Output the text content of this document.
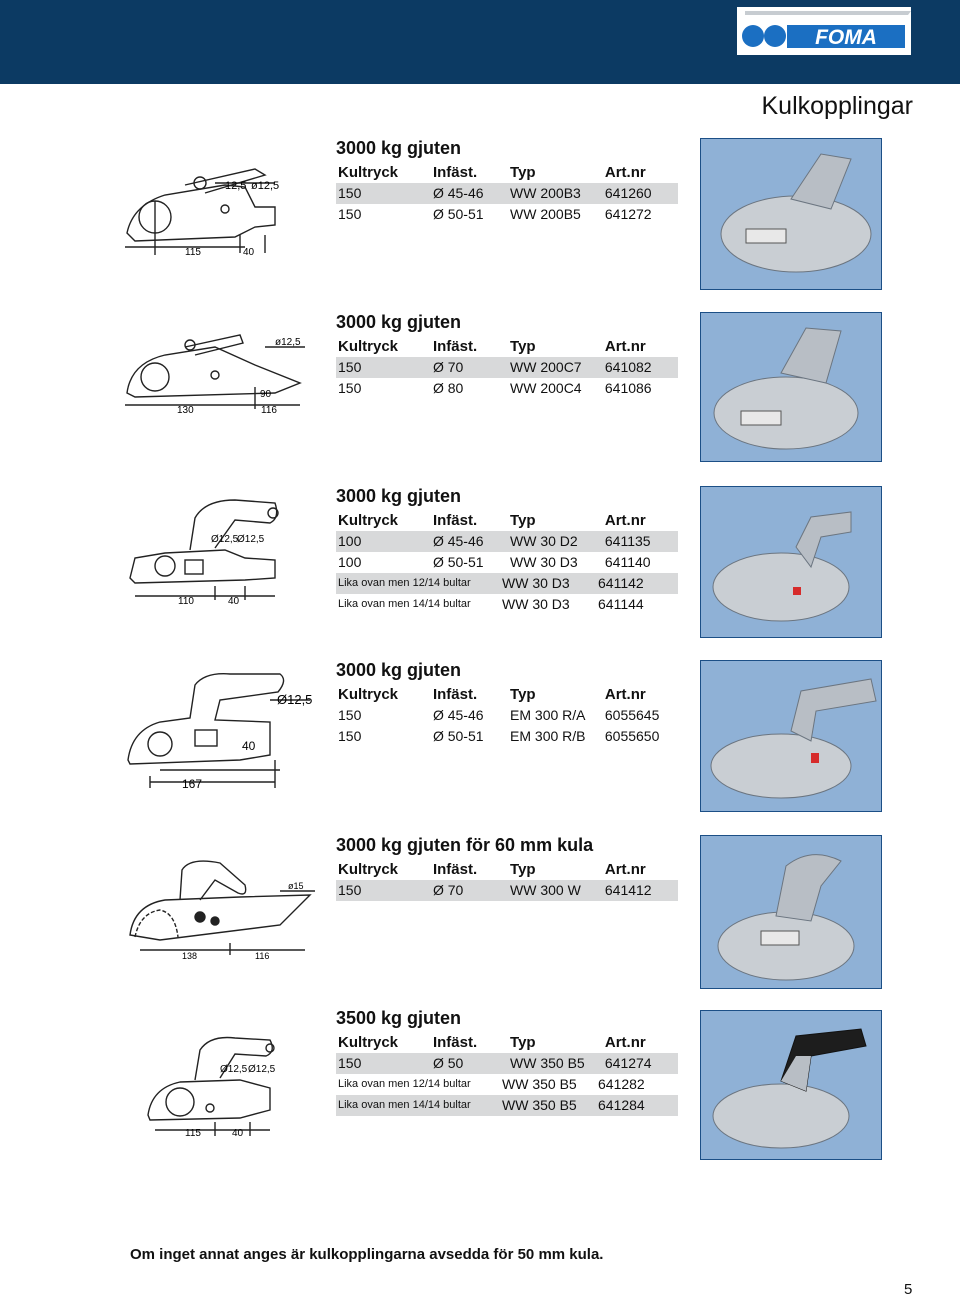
FOMA
Kulkopplingar
12,5 ø12,5
115	40
3000 kg gjuten
Kultryck	Infäst.	Typ	Art.nr
150	Ø 45-46	WW 200B3	641260
150	Ø 50-51	WW 200B5	641272
ø12,5
90
130	116
3000 kg gjuten
Kultryck	Infäst.	Typ	Art.nr
150	Ø 70	WW 200C7	641082
150	Ø 80	WW 200C4	641086
Ø12,5
Ø12,5
110	40
3000 kg gjuten
Kultryck	Infäst.	Typ	Art.nr
100	Ø 45-46	WW 30 D2	641135
100	Ø 50-51	WW 30 D3	641140
Lika ovan men 12/14 bultar	WW 30 D3	641142
Lika ovan men 14/14 bultar	WW 30 D3	641144
Ø12,5
40
167
3000 kg gjuten
Kultryck	Infäst.	Typ	Art.nr
150	Ø 45-46	EM 300 R/A	6055645
150	Ø 50-51	EM 300 R/B	6055650
ø15
138	116
3000 kg gjuten för 60 mm kula
Kultryck	Infäst.	Typ	Art.nr
150	Ø 70	WW 300 W	641412
Ø12,5 Ø12,5
115	40
3500 kg gjuten
Kultryck	Infäst.	Typ	Art.nr
150	Ø 50	WW 350 B5	641274
Lika ovan men 12/14 bultar	WW 350 B5	641282
Lika ovan men 14/14 bultar	WW 350 B5	641284
Om inget annat anges är kulkopplingarna avsedda för 50 mm kula.
5
